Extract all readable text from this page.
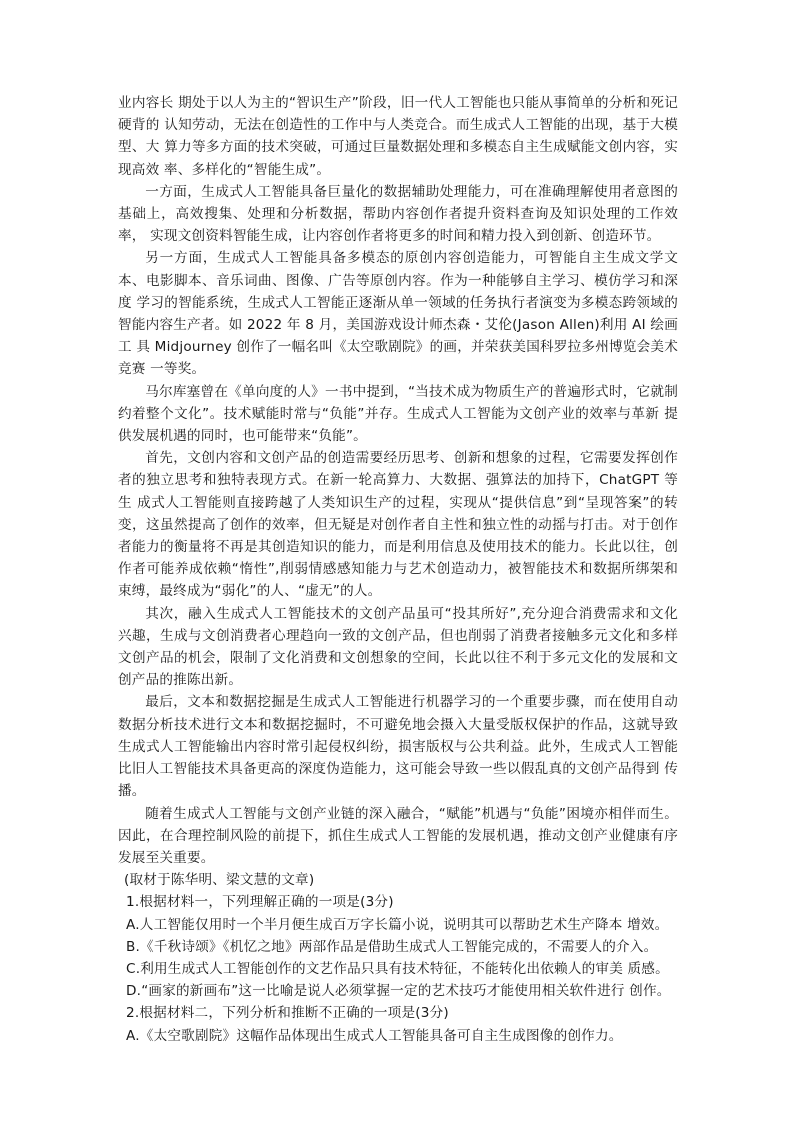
业内容长 期处于以人为主的“智识生产”阶段，旧一代人工智能也只能从事简单的分析和死记硬背的 认知劳动，无法在创造性的工作中与人类竞合。而生成式人工智能的出现，基于大模型、大 算力等多方面的技术突破，可通过巨量数据处理和多模态自主生成赋能文创内容，实现高效 率、多样化的“智能生成”。

一方面，生成式人工智能具备巨量化的数据辅助处理能力，可在准确理解使用者意图的 基础上，高效搜集、处理和分析数据，帮助内容创作者提升资料查询及知识处理的工作效率， 实现文创资料智能生成，让内容创作者将更多的时间和精力投入到创新、创造环节。

另一方面，生成式人工智能具备多模态的原创内容创造能力，可智能自主生成文学文本、电影脚本、音乐词曲、图像、广告等原创内容。作为一种能够自主学习、模仿学习和深度 学习的智能系统，生成式人工智能正逐渐从单一领域的任务执行者演变为多模态跨领域的 智能内容生产者。如 2022 年 8 月，美国游戏设计师杰森・艾伦(Jason Allen)利用 AI 绘画工 具 Midjourney 创作了一幅名叫《太空歌剧院》的画，并荣获美国科罗拉多州博览会美术竞赛 一等奖。

马尔库塞曾在《单向度的人》一书中提到，“当技术成为物质生产的普遍形式时，它就制 约着整个文化”。技术赋能时常与“负能”并存。生成式人工智能为文创产业的效率与革新 提供发展机遇的同时，也可能带来“负能”。

首先，文创内容和文创产品的创造需要经历思考、创新和想象的过程，它需要发挥创作 者的独立思考和独特表现方式。在新一轮高算力、大数据、强算法的加持下，ChatGPT 等生 成式人工智能则直接跨越了人类知识生产的过程，实现从“提供信息”到“呈现答案”的转 变，这虽然提高了创作的效率，但无疑是对创作者自主性和独立性的动摇与打击。对于创作 者能力的衡量将不再是其创造知识的能力，而是利用信息及使用技术的能力。长此以往，创 作者可能养成依赖“惰性”,削弱情感感知能力与艺术创造动力，被智能技术和数据所绑架和 束缚，最终成为“弱化”的人、“虚无”的人。

其次，融入生成式人工智能技术的文创产品虽可“投其所好”,充分迎合消费需求和文化 兴趣，生成与文创消费者心理趋向一致的文创产品，但也削弱了消费者接触多元文化和多样 文创产品的机会，限制了文化消费和文创想象的空间，长此以往不利于多元文化的发展和文 创产品的推陈出新。

最后，文本和数据挖掘是生成式人工智能进行机器学习的一个重要步骤，而在使用自动 数据分析技术进行文本和数据挖掘时，不可避免地会摄入大量受版权保护的作品，这就导致 生成式人工智能输出内容时常引起侵权纠纷，损害版权与公共利益。此外，生成式人工智能 比旧人工智能技术具备更高的深度伪造能力，这可能会导致一些以假乱真的文创产品得到 传播。

随着生成式人工智能与文创产业链的深入融合，“赋能”机遇与“负能”困境亦相伴而生。因此，在合理控制风险的前提下，抓住生成式人工智能的发展机遇，推动文创产业健康有序发展至关重要。

(取材于陈华明、梁文慧的文章)

1.根据材料一，下列理解正确的一项是(3分)

A.人工智能仅用时一个半月便生成百万字长篇小说，说明其可以帮助艺术生产降本 增效。

B.《千秋诗颂》《机忆之地》两部作品是借助生成式人工智能完成的，不需要人的介入。

C.利用生成式人工智能创作的文艺作品只具有技术特征，不能转化出依赖人的审美 质感。

D.“画家的新画布”这一比喻是说人必须掌握一定的艺术技巧才能使用相关软件进行 创作。

2.根据材料二，下列分析和推断不正确的一项是(3分)

A.《太空歌剧院》这幅作品体现出生成式人工智能具备可自主生成图像的创作力。
